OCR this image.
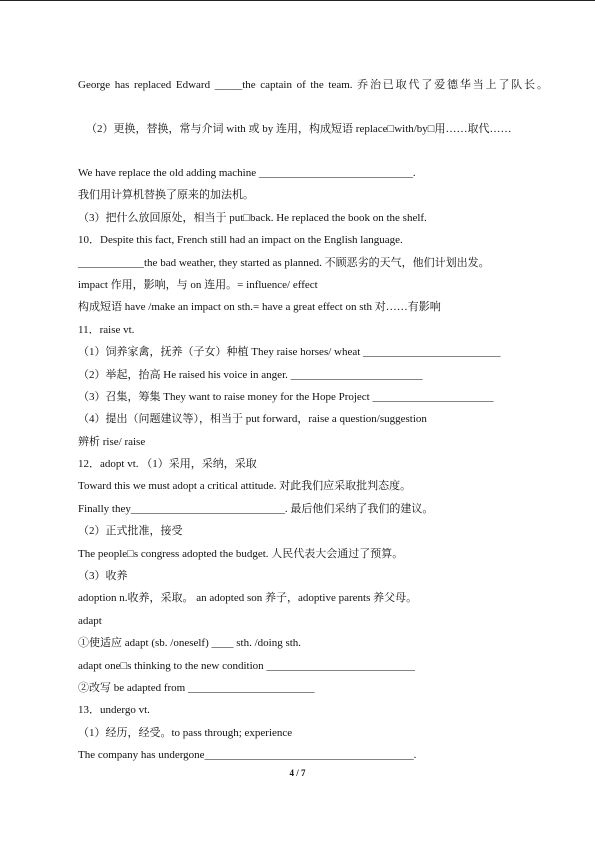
George has replaced Edward _____the captain of the team. 乔治已取代了爱德华当上了队长。
（2）更换，替换，常与介词 with 或 by 连用，构成短语 replace□with/by□用……取代……
We have replace the old adding machine ____________________________.
我们用计算机替换了原来的加法机。
（3）把什么放回原处，相当于 put□back. He replaced the book on the shelf.
10．Despite this fact, French still had an impact on the English language.
____________the bad weather, they started as planned. 不顾恶劣的天气，他们计划出发。
impact 作用，影响，与 on 连用。= influence/ effect
构成短语 have /make an impact on sth.= have a great effect on sth 对……有影响
11．raise vt.
（1）饲养家禽，抚养（子女）种植 They raise horses/ wheat _________________________
（2）举起，抬高 He raised his voice in anger. ________________________
（3）召集，筹集 They want to raise money for the Hope Project ______________________
（4）提出（问题建议等），相当于 put forward，raise a question/suggestion
辨析 rise/ raise
12．adopt vt. （1）采用，采纳，采取
Toward this we must adopt a critical attitude. 对此我们应采取批判态度。
Finally they____________________________. 最后他们采纳了我们的建议。
（2）正式批准，接受
The people□s congress adopted the budget. 人民代表大会通过了预算。
（3）收养
adoption n.收养，采取。 an adopted son 养子，adoptive parents 养父母。
adapt
①使适应 adapt (sb. /oneself) ____ sth. /doing sth.
adapt one□s thinking to the new condition ___________________________
②改写 be adapted from _______________________
13．undergo vt.
（1）经历，经受。to pass through; experience
The company has undergone______________________________________.
4 / 7
